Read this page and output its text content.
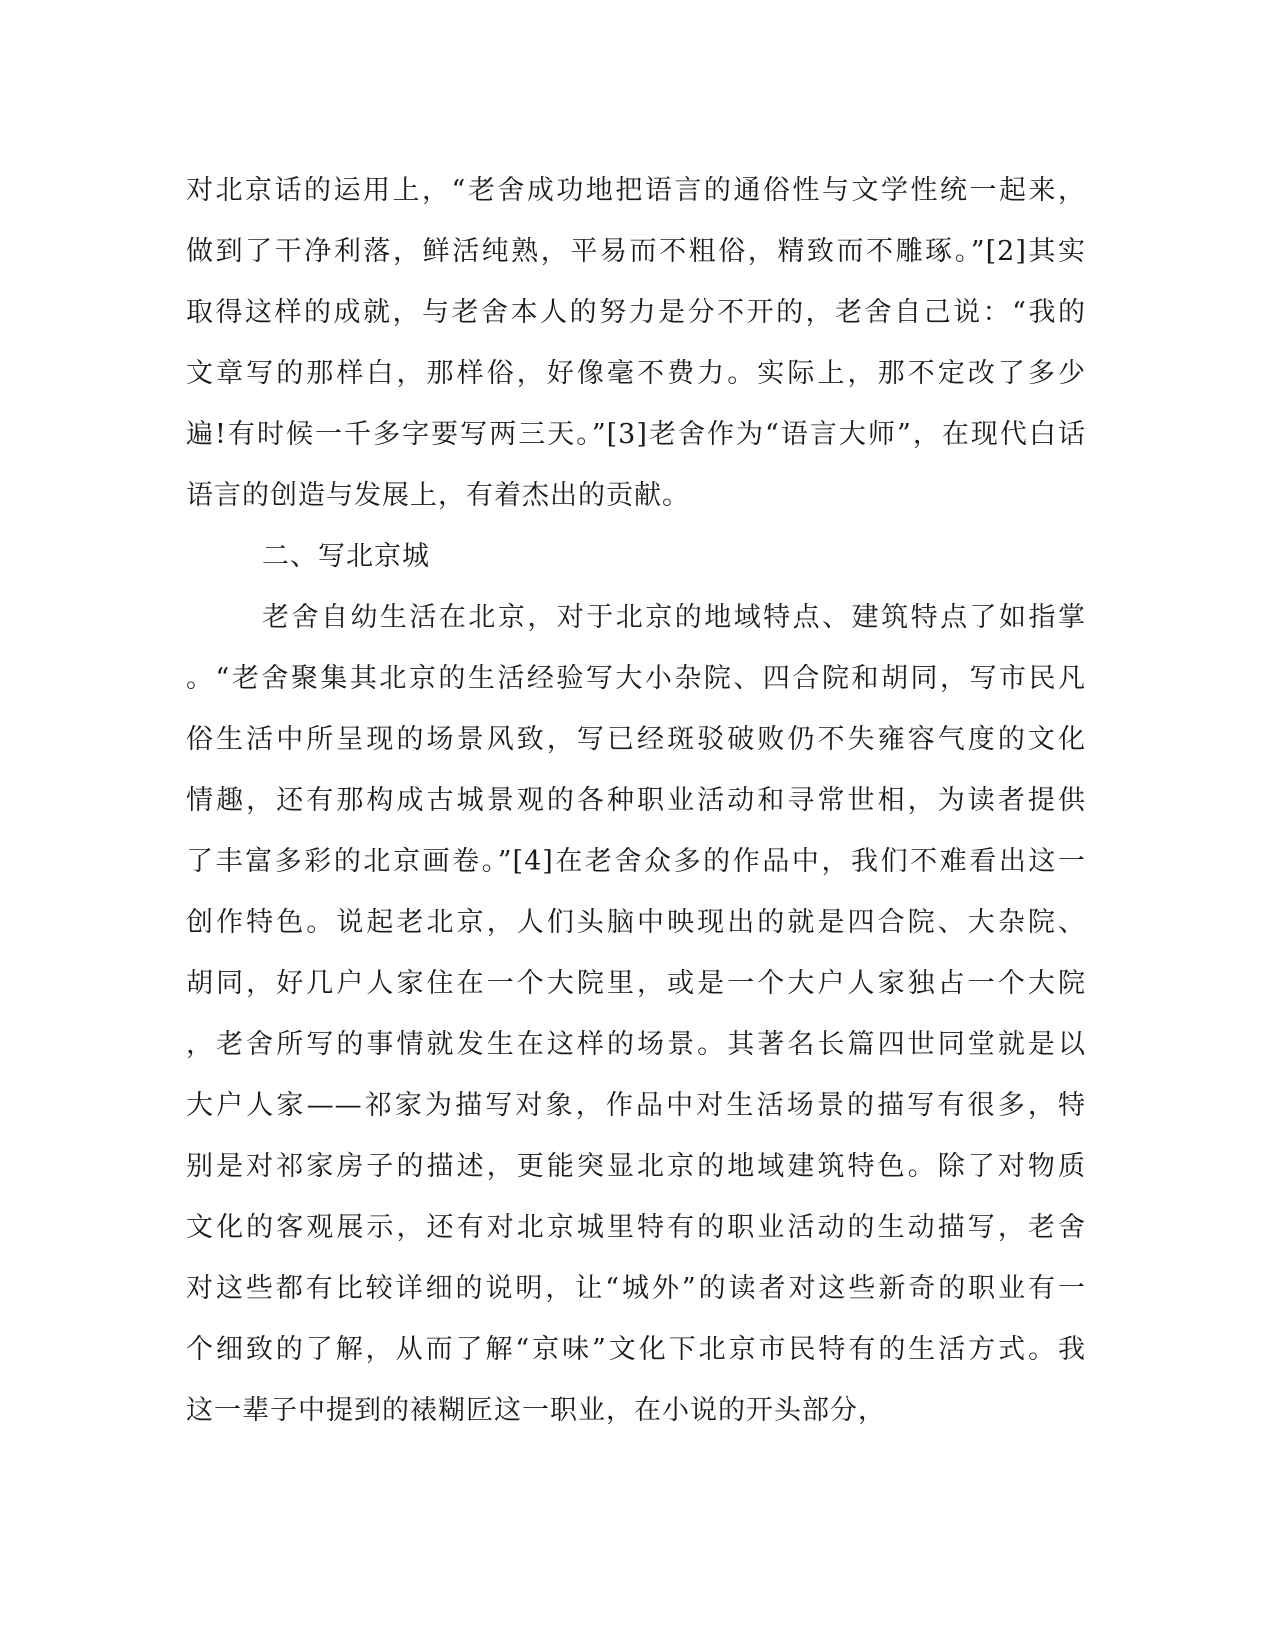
对北京话的运用上，“老舍成功地把语言的通俗性与文学性统一起来，
做到了干净利落，鲜活纯熟，平易而不粗俗，精致而不雕琢。”[2]其实
取得这样的成就，与老舍本人的努力是分不开的，老舍自己说：“我的
文章写的那样白，那样俗，好像毫不费力。实际上，那不定改了多少
遍!有时候一千多字要写两三天。”[3]老舍作为“语言大师”，在现代白话
语言的创造与发展上，有着杰出的贡献。
二、写北京城
老舍自幼生活在北京，对于北京的地域特点、建筑特点了如指掌
。“老舍聚集其北京的生活经验写大小杂院、四合院和胡同，写市民凡
俗生活中所呈现的场景风致，写已经斑驳破败仍不失雍容气度的文化
情趣，还有那构成古城景观的各种职业活动和寻常世相，为读者提供
了丰富多彩的北京画卷。”[4]在老舍众多的作品中，我们不难看出这一
创作特色。说起老北京，人们头脑中映现出的就是四合院、大杂院、
胡同，好几户人家住在一个大院里，或是一个大户人家独占一个大院
，老舍所写的事情就发生在这样的场景。其著名长篇四世同堂就是以
大户人家——祁家为描写对象，作品中对生活场景的描写有很多，特
别是对祁家房子的描述，更能突显北京的地域建筑特色。除了对物质
文化的客观展示，还有对北京城里特有的职业活动的生动描写，老舍
对这些都有比较详细的说明，让“城外”的读者对这些新奇的职业有一
个细致的了解，从而了解“京味”文化下北京市民特有的生活方式。我
这一辈子中提到的裱糊匠这一职业，在小说的开头部分，
